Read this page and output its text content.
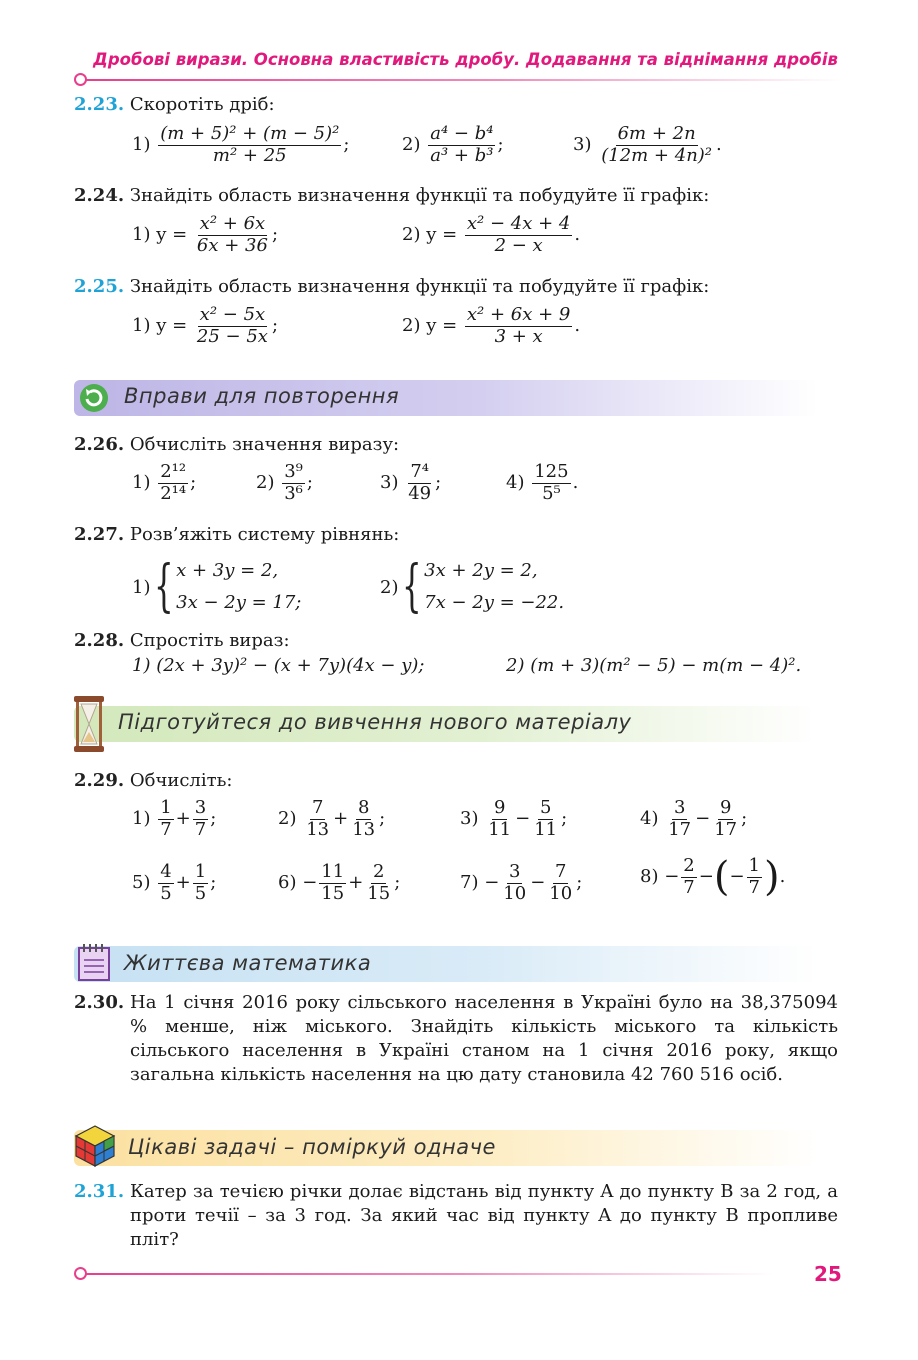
Дробові вирази. Основна властивість дробу. Додавання та віднімання дробів
2.23. Скоротіть дріб:
$1) \frac{\text{(m + 5)² + (m − 5)²}}{\text{m² + 25}}$ ;	$2) \frac{\text{a⁴ − b⁴}}{\text{a³ + b³}}$ ;	$3) \frac{6m + 2n}{\text{(12m + 4n)²}}$ .
2.24. Знайдіть область визначення функції та побудуйте її графік:
1) $y = \frac{\text{x² + 6x}}{6x + 36}$ ;	2) $y = \frac{\text{x² − 4x + 4}}{2 - x}$ .
2.25. Знайдіть область визначення функції та побудуйте її графік:
1) $y = \frac{\text{x² − 5x}}{25 - 5x}$ ;	2) $y = \frac{\text{x² + 6x + 9}}{3 + x}$ .
Вправи для повторення
2.26. Обчисліть значення виразу:
$1) \frac{\text{2¹²}}{\text{2¹⁴}}$ ;	$2) \frac{\text{3⁹}}{\text{3⁶}}$ ;	$3) \frac{\text{7⁴}}{49}$ ;	$4) \frac{125}{\text{5⁵}}$ .
2.27. Розв’яжіть систему рівнянь:
1) { x + 3y = 2,
3x − 2y = 17;
2) { 3x + 2y = 2,
7x − 2y = −22.
2.28. Спростіть вираз:
1) (2x + 3y)² − (x + 7y)(4x − y);	2) (m + 3)(m² − 5) − m(m − 4)².
Підготуйтеся до вивчення нового матеріалу
2.29. Обчисліть:
$1) \frac{1}{7} + \frac{3}{7}$ ;	$2) \frac{7}{13} + \frac{8}{13}$ ;	$3) \frac{9}{11} - \frac{5}{11}$ ;	$4) \frac{3}{17} - \frac{9}{17}$ ;
$5) \frac{4}{5} + \frac{1}{5}$ ;	$6) - \frac{11}{15} + \frac{2}{15}$ ;	$7) - \frac{3}{10} - \frac{7}{10}$ ;	$8) - \frac{2}{7}$ −(− $\frac{1}{7}$ ).
Життєва математика
2.30. На 1 січня 2016 року сільського населення в Україні було на 38,375094 % менше, ніж міського. Знайдіть кількість міського та кількість сільського населення в Україні станом на 1 січня 2016 року, якщо загальна кількість населення на цю дату становила 42 760 516 осіб.
Цікаві задачі – поміркуй одначе
2.31. Катер за течією річки долає відстань від пункту A до пункту B за 2 год, а проти течії – за 3 год. За який час від пункту A до пункту B пропливе пліт?
25
